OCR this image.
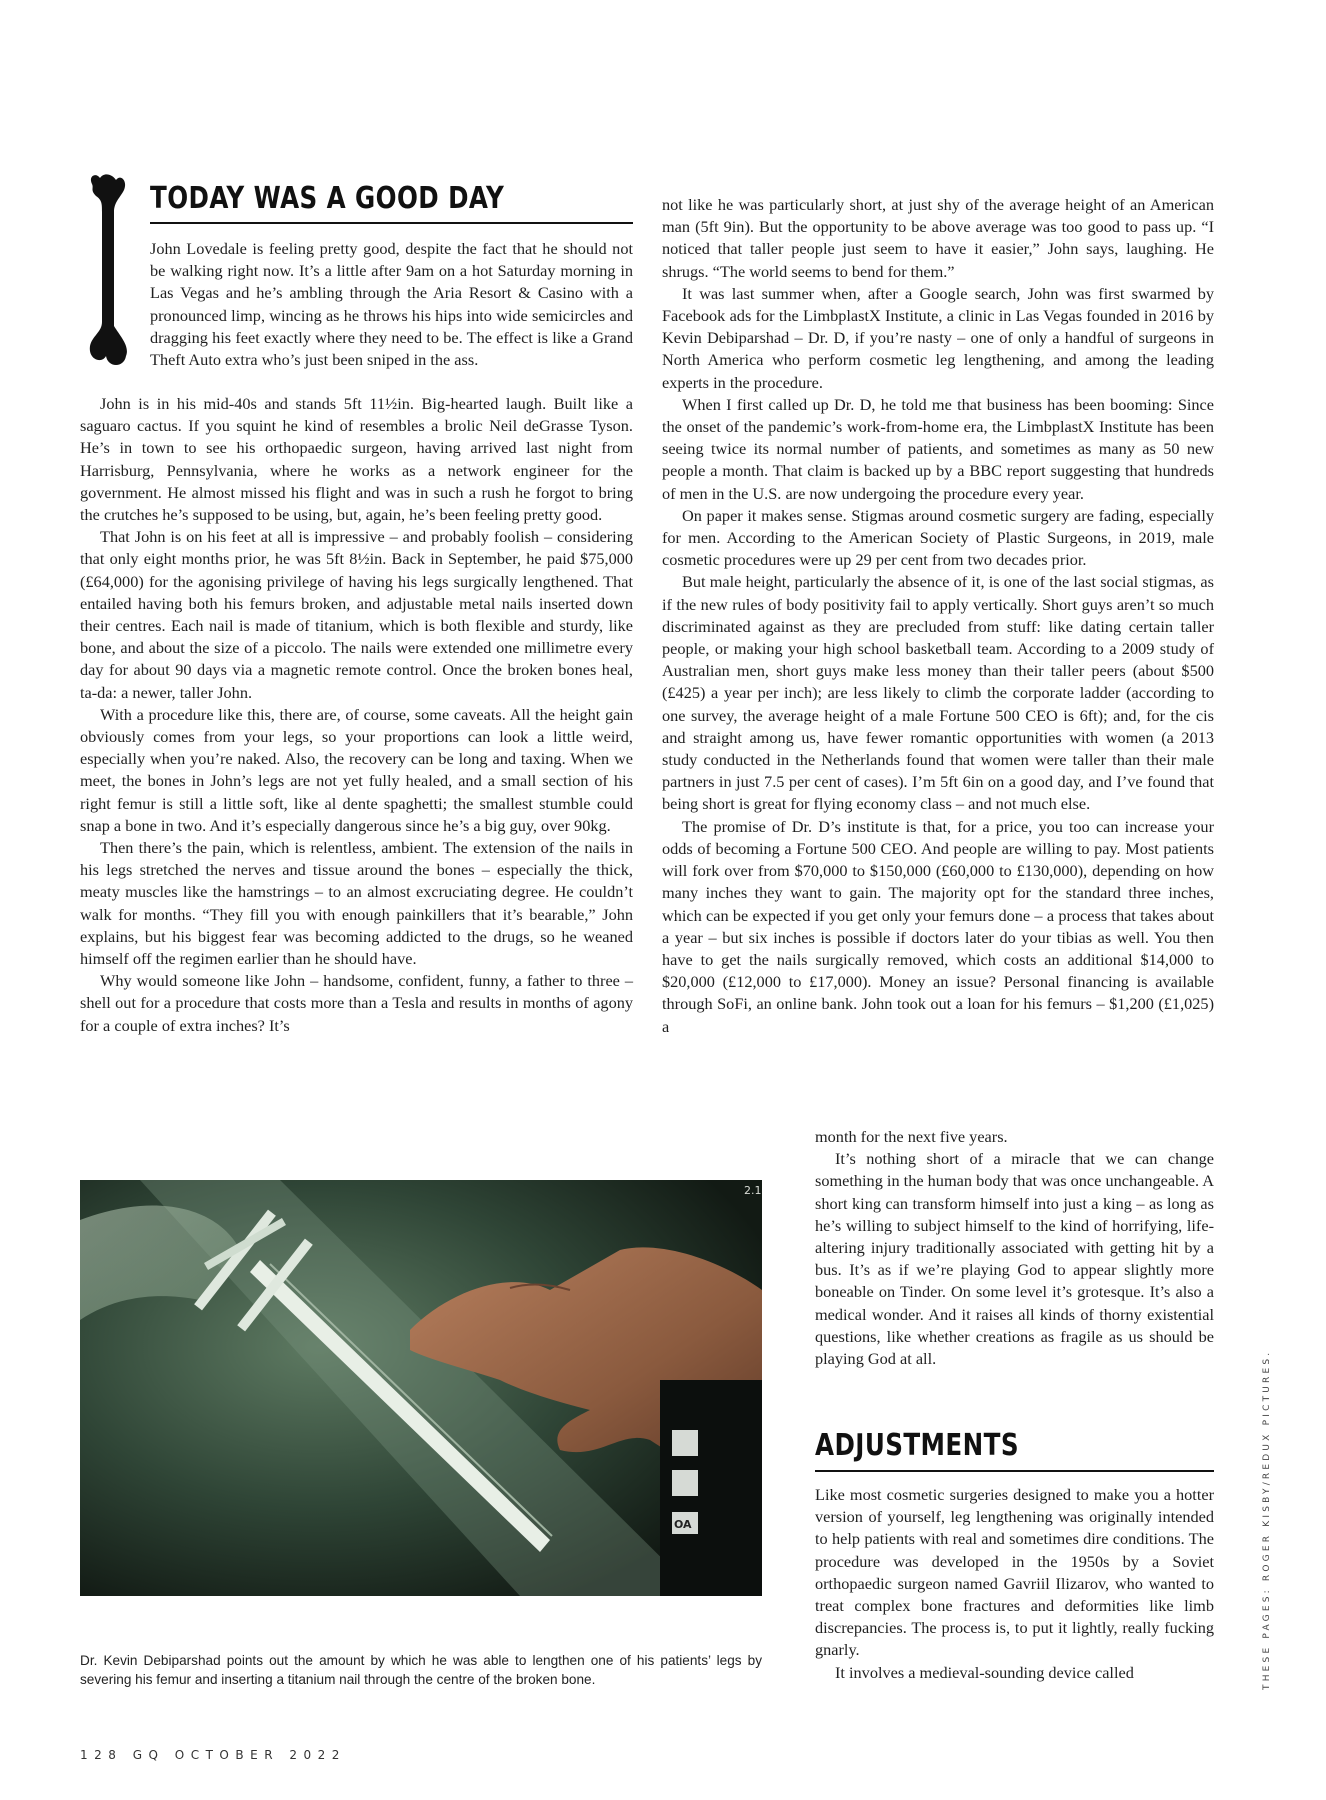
TODAY WAS A GOOD DAY

John Lovedale is feeling pretty good, despite the fact that he should not be walking right now. It’s a little after 9am on a hot Saturday morning in Las Vegas and he’s ambling through the Aria Resort & Casino with a pronounced limp, wincing as he throws his hips into wide semicircles and dragging his feet exactly where they need to be. The effect is like a Grand Theft Auto extra who’s just been sniped in the ass.

John is in his mid-40s and stands 5ft 11½in. Big-hearted laugh. Built like a saguaro cactus. If you squint he kind of resembles a brolic Neil deGrasse Tyson. He’s in town to see his orthopaedic surgeon, having arrived last night from Harrisburg, Pennsylvania, where he works as a network engineer for the government. He almost missed his flight and was in such a rush he forgot to bring the crutches he’s supposed to be using, but, again, he’s been feeling pretty good.

That John is on his feet at all is impressive – and probably foolish – considering that only eight months prior, he was 5ft 8½in. Back in September, he paid $75,000 (£64,000) for the agonising privilege of having his legs surgically lengthened. That entailed having both his femurs broken, and adjustable metal nails inserted down their centres. Each nail is made of titanium, which is both flexible and sturdy, like bone, and about the size of a piccolo. The nails were extended one millimetre every day for about 90 days via a magnetic remote control. Once the broken bones heal, ta-da: a newer, taller John.

With a procedure like this, there are, of course, some caveats. All the height gain obviously comes from your legs, so your proportions can look a little weird, especially when you’re naked. Also, the recovery can be long and taxing. When we meet, the bones in John’s legs are not yet fully healed, and a small section of his right femur is still a little soft, like al dente spaghetti; the smallest stumble could snap a bone in two. And it’s especially dangerous since he’s a big guy, over 90kg.

Then there’s the pain, which is relentless, ambient. The extension of the nails in his legs stretched the nerves and tissue around the bones – especially the thick, meaty muscles like the hamstrings – to an almost excruciating degree. He couldn’t walk for months. “They fill you with enough painkillers that it’s bearable,” John explains, but his biggest fear was becoming addicted to the drugs, so he weaned himself off the regimen earlier than he should have.

Why would someone like John – handsome, confident, funny, a father to three – shell out for a procedure that costs more than a Tesla and results in months of agony for a couple of extra inches? It’s

not like he was particularly short, at just shy of the average height of an American man (5ft 9in). But the opportunity to be above average was too good to pass up. “I noticed that taller people just seem to have it easier,” John says, laughing. He shrugs. “The world seems to bend for them.”

It was last summer when, after a Google search, John was first swarmed by Facebook ads for the LimbplastX Institute, a clinic in Las Vegas founded in 2016 by Kevin Debiparshad – Dr. D, if you’re nasty – one of only a handful of surgeons in North America who perform cosmetic leg lengthening, and among the leading experts in the procedure.

When I first called up Dr. D, he told me that business has been booming: Since the onset of the pandemic’s work-from-home era, the LimbplastX Institute has been seeing twice its normal number of patients, and sometimes as many as 50 new people a month. That claim is backed up by a BBC report suggesting that hundreds of men in the U.S. are now undergoing the procedure every year.

On paper it makes sense. Stigmas around cosmetic surgery are fading, especially for men. According to the American Society of Plastic Surgeons, in 2019, male cosmetic procedures were up 29 per cent from two decades prior.

But male height, particularly the absence of it, is one of the last social stigmas, as if the new rules of body positivity fail to apply vertically. Short guys aren’t so much discriminated against as they are precluded from stuff: like dating certain taller people, or making your high school basketball team. According to a 2009 study of Australian men, short guys make less money than their taller peers (about $500 (£425) a year per inch); are less likely to climb the corporate ladder (according to one survey, the average height of a male Fortune 500 CEO is 6ft); and, for the cis and straight among us, have fewer romantic opportunities with women (a 2013 study conducted in the Netherlands found that women were taller than their male partners in just 7.5 per cent of cases). I’m 5ft 6in on a good day, and I’ve found that being short is great for flying economy class – and not much else.

The promise of Dr. D’s institute is that, for a price, you too can increase your odds of becoming a Fortune 500 CEO. And people are willing to pay. Most patients will fork over from $70,000 to $150,000 (£60,000 to £130,000), depending on how many inches they want to gain. The majority opt for the standard three inches, which can be expected if you get only your femurs done – a process that takes about a year – but six inches is possible if doctors later do your tibias as well. You then have to get the nails surgically removed, which costs an additional $14,000 to $20,000 (£12,000 to £17,000). Money an issue? Personal financing is available through SoFi, an online bank. John took out a loan for his femurs – $1,200 (£1,025) a

month for the next five years.

It’s nothing short of a miracle that we can change something in the human body that was once unchangeable. A short king can transform himself into just a king – as long as he’s willing to subject himself to the kind of horrifying, life-altering injury traditionally associated with getting hit by a bus. It’s as if we’re playing God to appear slightly more boneable on Tinder. On some level it’s grotesque. It’s also a medical wonder. And it raises all kinds of thorny existential questions, like whether creations as fragile as us should be playing God at all.

ADJUSTMENTS

Like most cosmetic surgeries designed to make you a hotter version of yourself, leg lengthening was originally intended to help patients with real and sometimes dire conditions. The procedure was developed in the 1950s by a Soviet orthopaedic surgeon named Gavriil Ilizarov, who wanted to treat complex bone fractures and deformities like limb discrepancies. The process is, to put it lightly, really fucking gnarly.

It involves a medieval-sounding device called

2.1
OA
Dr. Kevin Debiparshad points out the amount by which he was able to lengthen one of his patients’ legs by severing his femur and inserting a titanium nail through the centre of the broken bone.
128 GQ OCTOBER 2022
THESE PAGES: ROGER KISBY/REDUX PICTURES.
